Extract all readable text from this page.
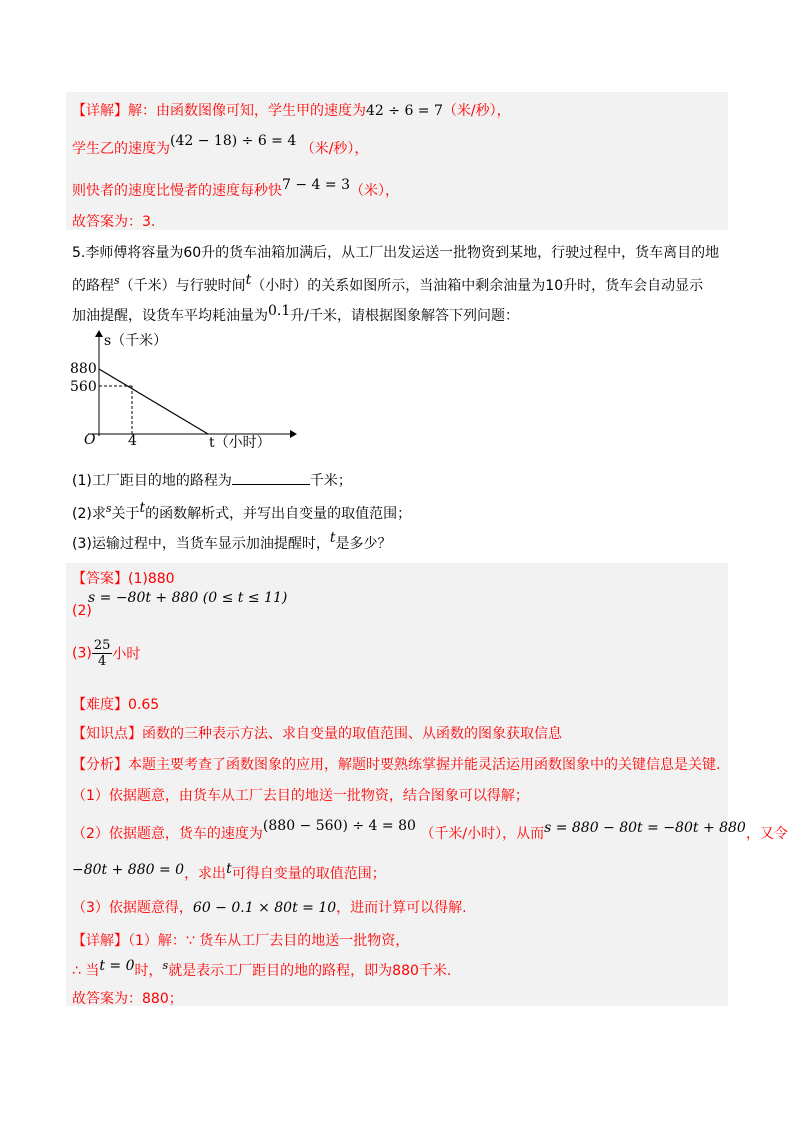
【详解】解：由函数图像可知，学生甲的速度为42 ÷ 6 = 7（米/秒），
学生乙的速度为(42 − 18) ÷ 6 = 4 （米/秒），
则快者的速度比慢者的速度每秒快7 − 4 = 3（米），
故答案为：3.
5.李师傅将容量为60升的货车油箱加满后，从工厂出发运送一批物资到某地，行驶过程中，货车离目的地
的路程$^s$（千米）与行驶时间t（小时）的关系如图所示，当油箱中剩余油量为10升时，货车会自动显示
加油提醒，设货车平均耗油量为0.1升/千米，请根据图象解答下列问题：
s（千米）
880
560
O 4	t（小时）
(1)工厂距目的地的路程为	千米；
(2)求$^s$关于t的函数解析式，并写出自变量的取值范围；
(3)运输过程中，当货车显示加油提醒时，t是多少？
【答案】(1)880
s = −80t + 880 (0 ≤ t ≤ 11)
(2)
$(3) \frac{25}{4}$ 小时
【难度】0.65
【知识点】函数的三种表示方法、求自变量的取值范围、从函数的图象获取信息
【分析】本题主要考查了函数图象的应用，解题时要熟练掌握并能灵活运用函数图象中的关键信息是关键.
（1）依据题意，由货车从工厂去目的地送一批物资，结合图象可以得解；
（2）依据题意，货车的速度为(880 − 560) ÷ 4 = 80 （千米/小时），从而s = 880 − 80t = −80t + 880，又令
−80t + 880 = 0，求出t可得自变量的取值范围；
（3）依据题意得，60 − 0.1 × 80t = 10，进而计算可以得解.
【详解】（1）解：∵ 货车从工厂去目的地送一批物资，
∴ 当t = 0时，$^s$就是表示工厂距目的地的路程，即为880千米.
故答案为：880；
